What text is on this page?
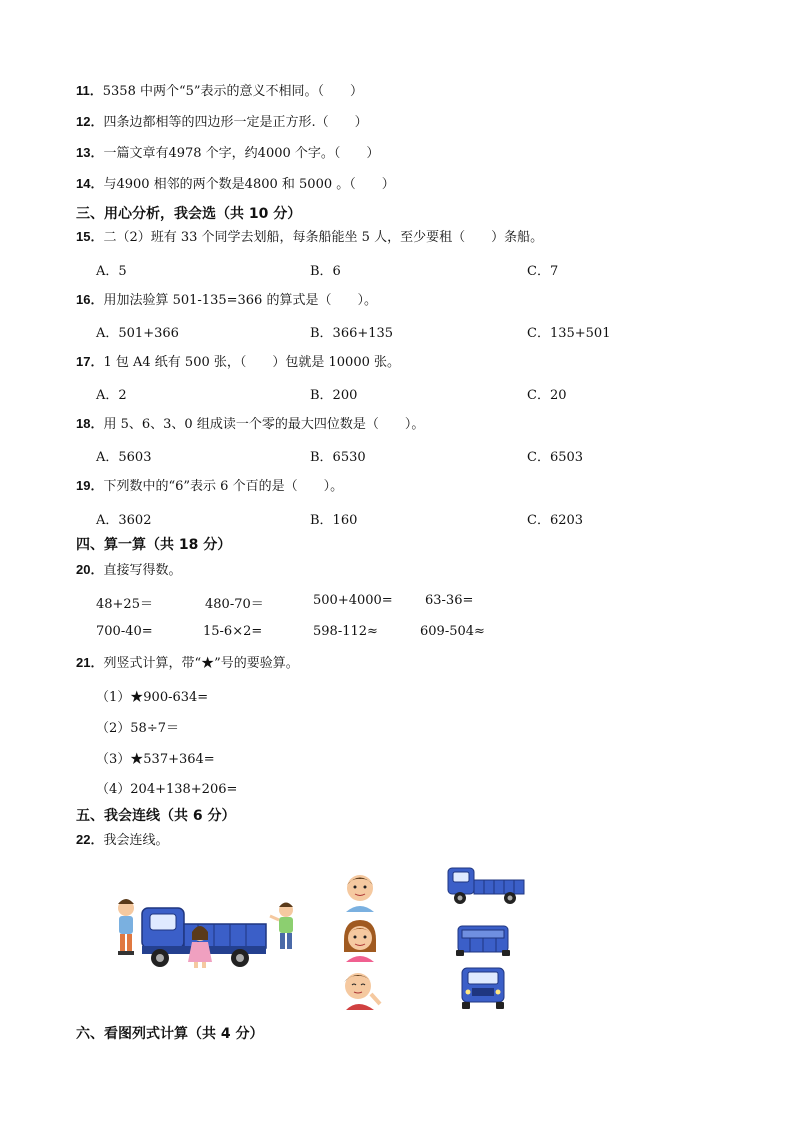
11．5358 中两个“5”表示的意义不相同。（　　）
12．四条边都相等的四边形一定是正方形.（　　）
13．一篇文章有4978 个字，约4000 个字。（　　）
14．与4900 相邻的两个数是4800 和 5000 。（　　）
三、用心分析，我会选（共 10 分）
15．二（2）班有 33 个同学去划船，每条船能坐 5 人，至少要租（　　）条船。
A．5	B．6	C．7
16．用加法验算 501-135=366 的算式是（　　）。
A．501+366	B．366+135	C．135+501
17．1 包 A4 纸有 500 张，（　　）包就是 10000 张。
A．2	B．200	C．20
18．用 5、6、3、0 组成读一个零的最大四位数是（　　）。
A．5603	B．6530	C．6503
19．下列数中的“6”表示 6 个百的是（　　）。
A．3602	B．160	C．6203
四、算一算（共 18 分）
20．直接写得数。
48+25＝	480-70＝	500+4000= 63-36=
700-40=	15-6×2=	598-112≈	609-504≈
21．列竖式计算，带“★”号的要验算。
（1）★900-634=
（2）58÷7＝
（3）★537+364=
（4）204+138+206=
五、我会连线（共 6 分）
22．我会连线。
六、看图列式计算（共 4 分）
